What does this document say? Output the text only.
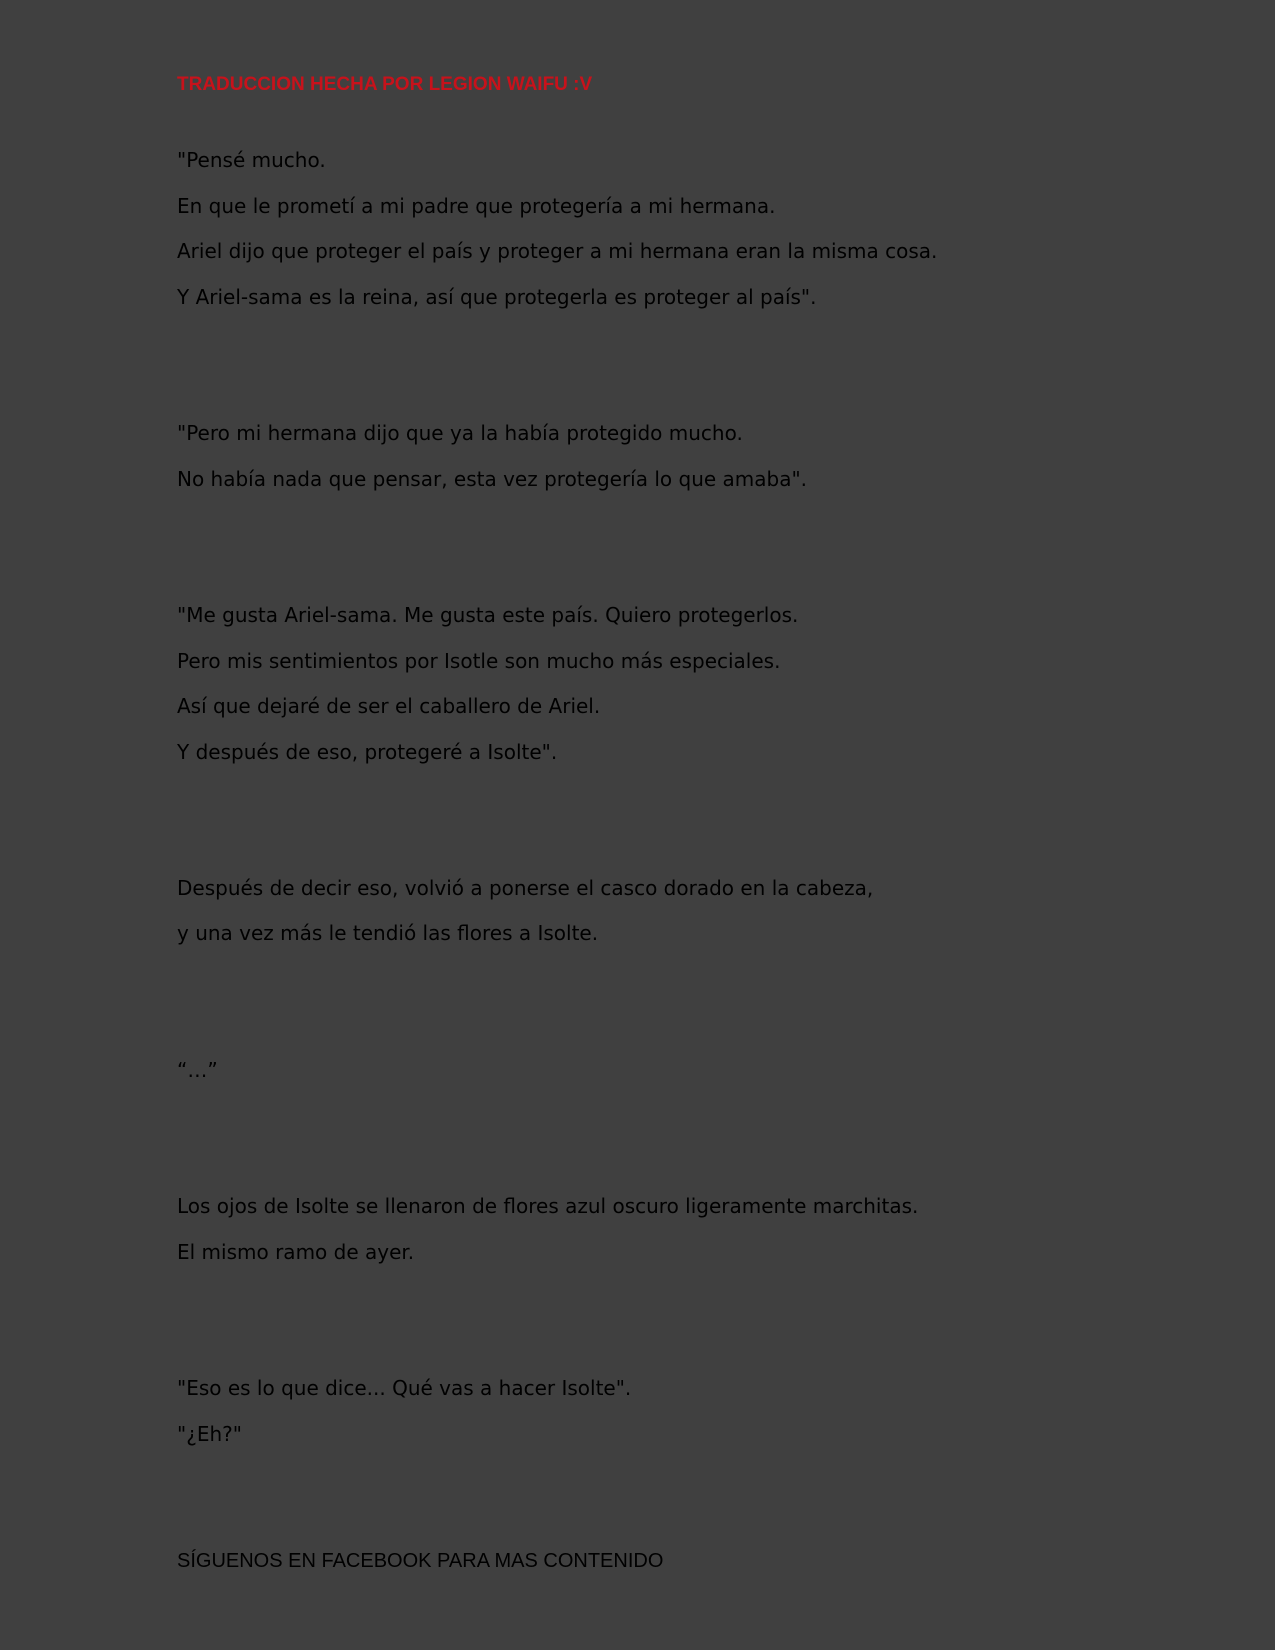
TRADUCCION HECHA POR LEGION WAIFU :V

"Pensé mucho.

En que le prometí a mi padre que protegería a mi hermana.

Ariel dijo que proteger el país y proteger a mi hermana eran la misma cosa.

Y Ariel-sama es la reina, así que protegerla es proteger al país".

"Pero mi hermana dijo que ya la había protegido mucho.

No había nada que pensar, esta vez protegería lo que amaba".

"Me gusta Ariel-sama. Me gusta este país. Quiero protegerlos.

Pero mis sentimientos por Isotle son mucho más especiales.

Así que dejaré de ser el caballero de Ariel.

Y después de eso, protegeré a Isolte".

Después de decir eso, volvió a ponerse el casco dorado en la cabeza,

y una vez más le tendió las flores a Isolte.

“…”

Los ojos de Isolte se llenaron de flores azul oscuro ligeramente marchitas.

El mismo ramo de ayer.

"Eso es lo que dice... Qué vas a hacer Isolte".

"¿Eh?"

SÍGUENOS EN FACEBOOK PARA MAS CONTENIDO
